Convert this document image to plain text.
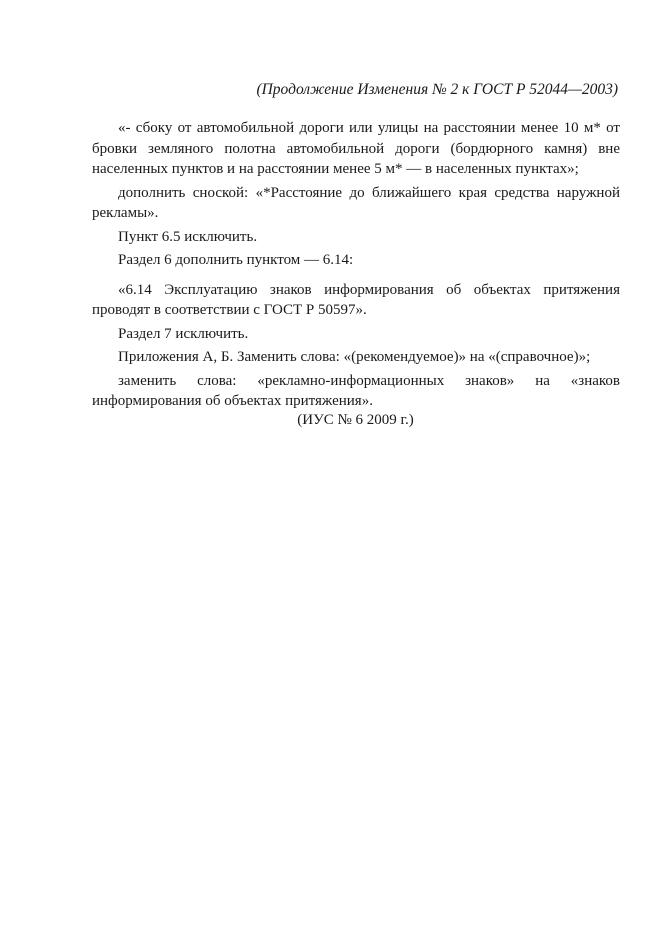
(Продолжение Изменения № 2 к ГОСТ Р 52044—2003)

«- сбоку от автомобильной дороги или улицы на расстоянии менее 10 м* от бровки земляного полотна автомобильной дороги (бордюрного камня) вне населенных пунктов и на расстоянии менее 5 м* — в населенных пунктах»;

дополнить сноской: «*Расстояние до ближайшего края средства наружной рекламы».

Пункт 6.5 исключить.

Раздел 6 дополнить пунктом — 6.14:

«6.14 Эксплуатацию знаков информирования об объектах притяжения проводят в соответствии с ГОСТ Р 50597».

Раздел 7 исключить.

Приложения А, Б. Заменить слова: «(рекомендуемое)» на «(справочное)»;

заменить слова: «рекламно-информационных знаков» на «знаков информирования об объектах притяжения».

(ИУС № 6 2009 г.)
